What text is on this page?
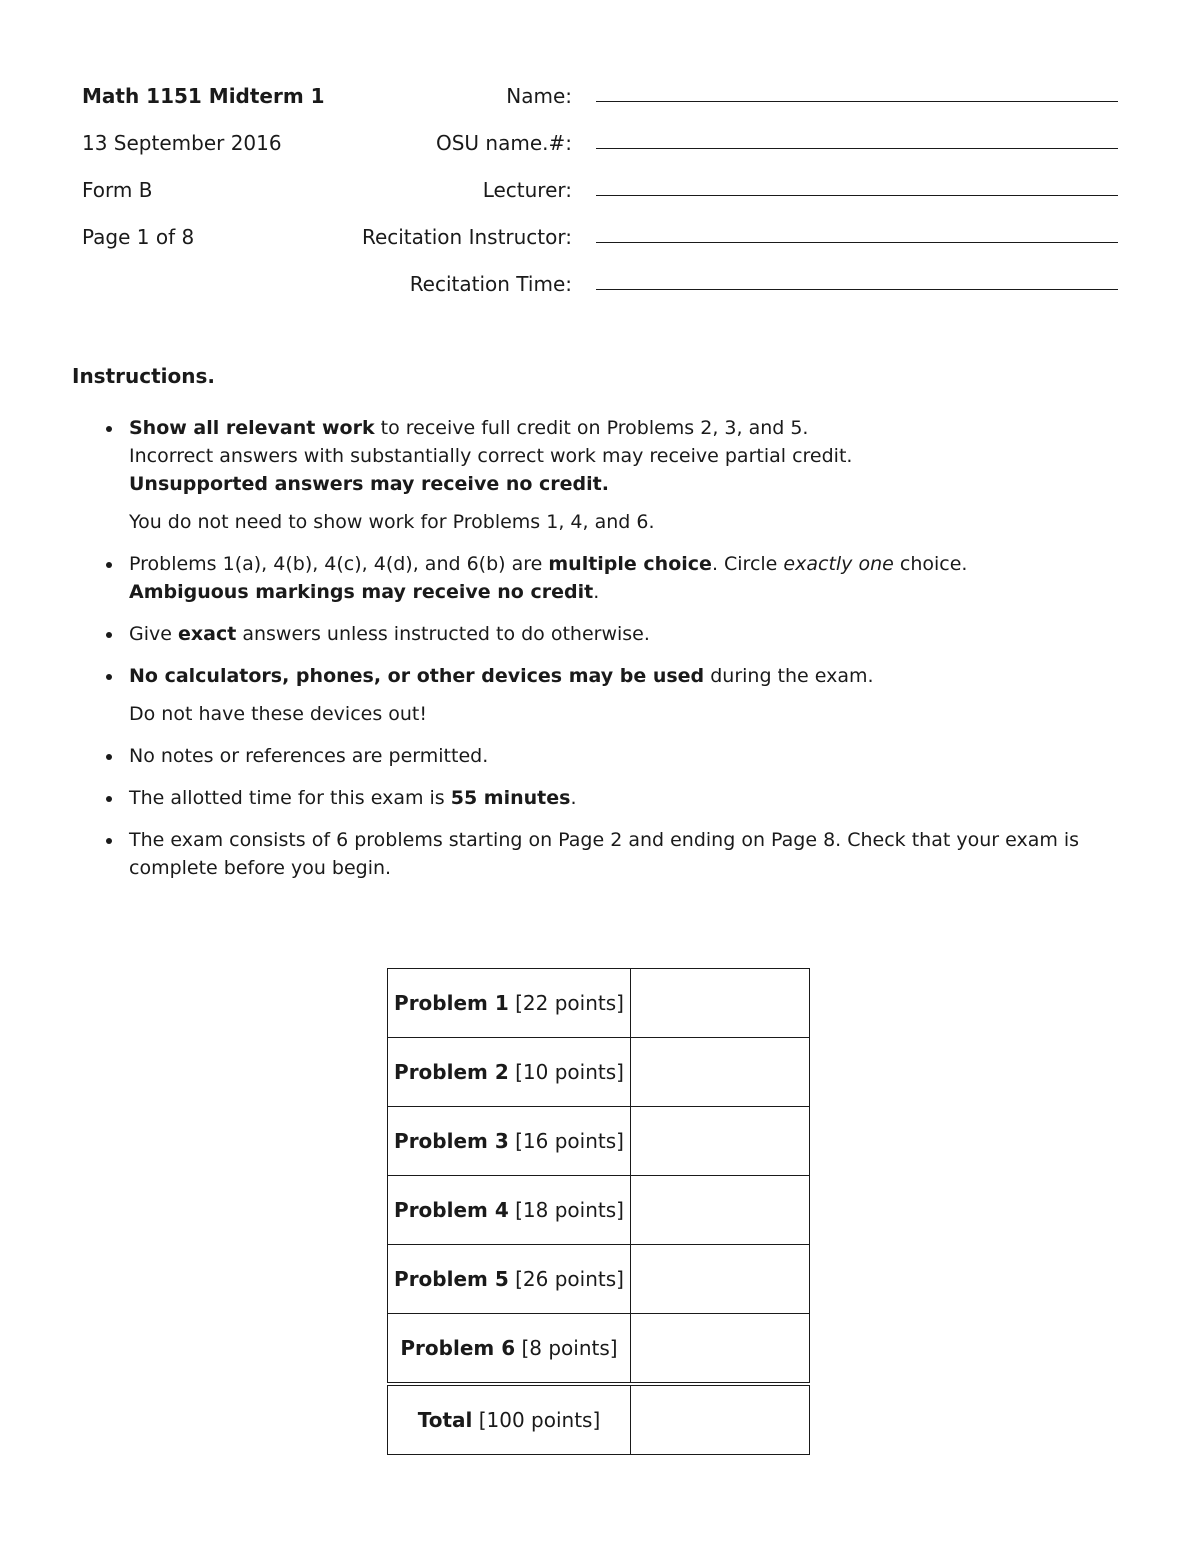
Math 1151 Midterm 1
13 September 2016
Form B
Page 1 of 8
Name:
OSU name.#:
Lecturer:
Recitation Instructor:
Recitation Time:
Instructions.
Show all relevant work to receive full credit on Problems 2, 3, and 5.
Incorrect answers with substantially correct work may receive partial credit.
Unsupported answers may receive no credit.
You do not need to show work for Problems 1, 4, and 6.
Problems 1(a), 4(b), 4(c), 4(d), and 6(b) are multiple choice. Circle exactly one choice.
Ambiguous markings may receive no credit.
Give exact answers unless instructed to do otherwise.
No calculators, phones, or other devices may be used during the exam.
Do not have these devices out!
No notes or references are permitted.
The allotted time for this exam is 55 minutes.
The exam consists of 6 problems starting on Page 2 and ending on Page 8. Check that your exam is
complete before you begin.
Problem 1 [22 points]	
Problem 2 [10 points]	
Problem 3 [16 points]	
Problem 4 [18 points]	
Problem 5 [26 points]	
Problem 6 [8 points]	
Total [100 points]	
